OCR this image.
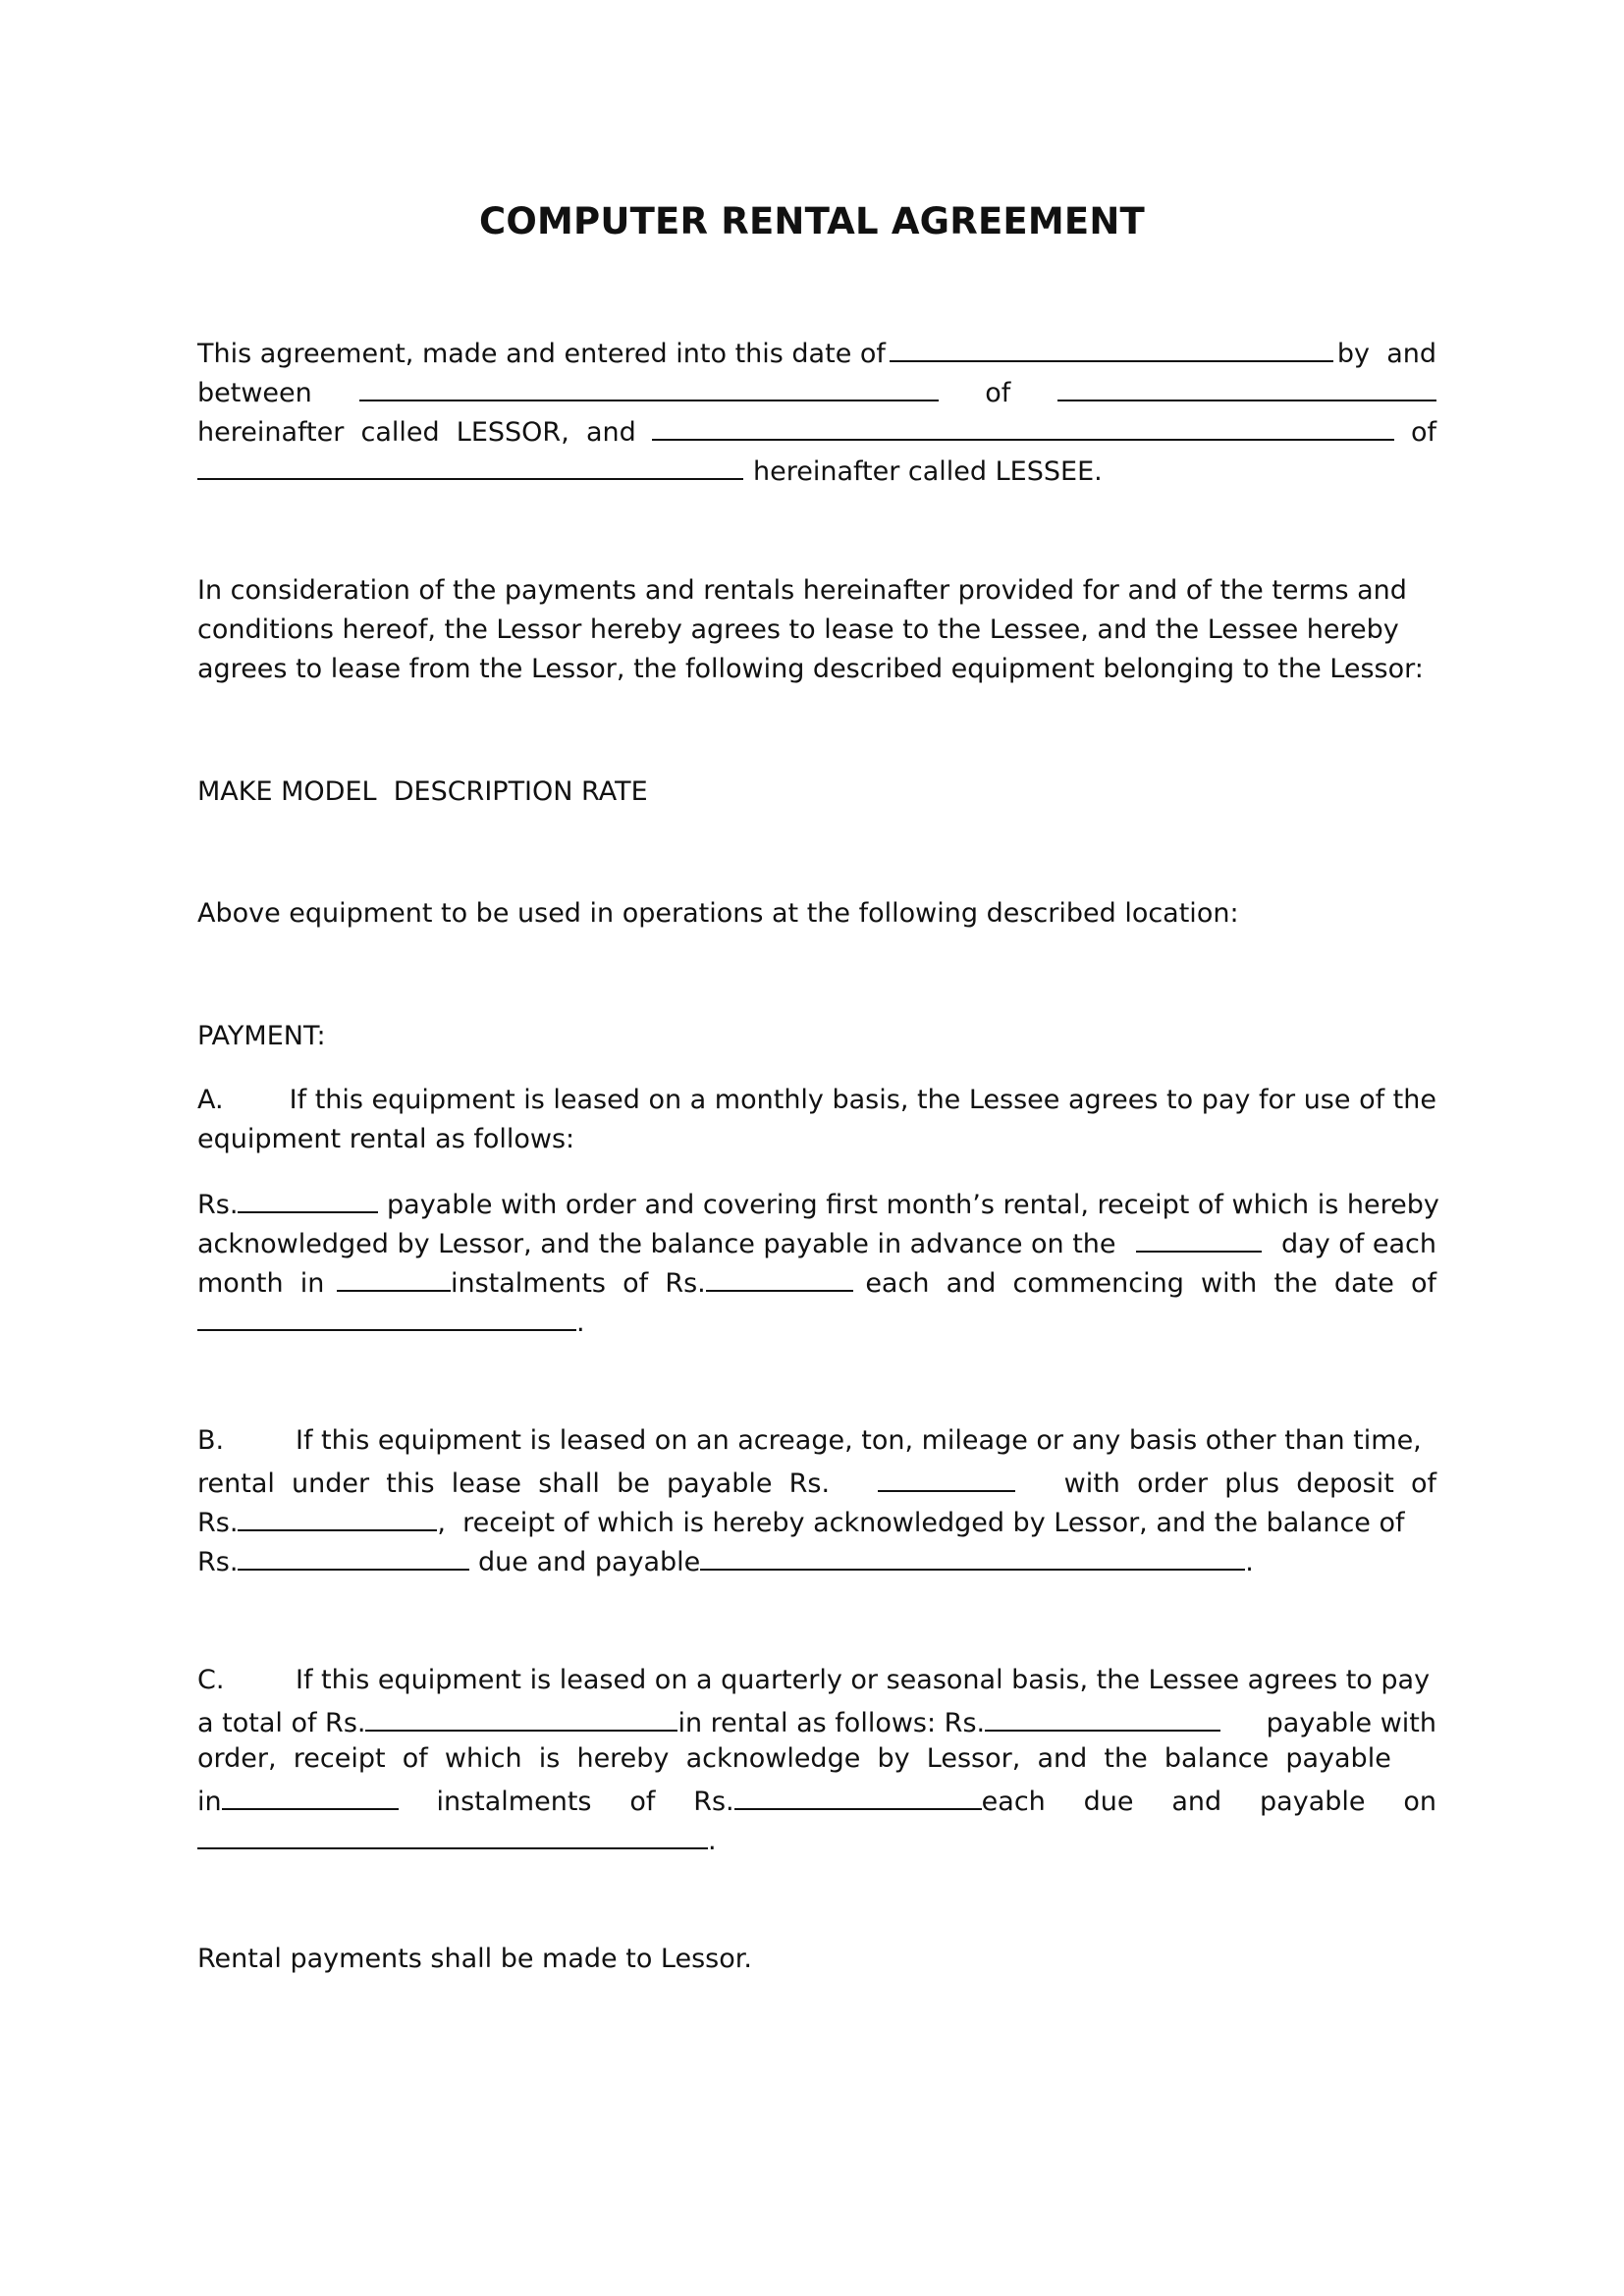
COMPUTER RENTAL AGREEMENT
This agreement, made and entered into this date of	by  and
between	of
hereinafter  called  LESSOR,  and	of
hereinafter called LESSEE.
In consideration of the payments and rentals hereinafter provided for and of the terms and
conditions hereof, the Lessor hereby agrees to lease to the Lessee, and the Lessee hereby
agrees to lease from the Lessor, the following described equipment belonging to the Lessor:
MAKE MODEL  DESCRIPTION RATE
Above equipment to be used in operations at the following described location:
PAYMENT:
A.	If this equipment is leased on a monthly basis, the Lessee agrees to pay for use of the
equipment rental as follows:
Rs.	payable with order and covering first month’s rental, receipt of which is hereby
acknowledged by Lessor, and the balance payable in advance on the	day of each
month  in	instalments  of  Rs.	each  and  commencing  with  the  date  of
.
B.	If this equipment is leased on an acreage, ton, mileage or any basis other than time,
rental  under  this  lease  shall  be  payable  Rs.	with  order  plus  deposit  of
Rs.	,  receipt of which is hereby acknowledged by Lessor, and the balance of
Rs.	due and payable	.
C.	If this equipment is leased on a quarterly or seasonal basis, the Lessee agrees to pay
a total of Rs.	in rental as follows: Rs.	payable with
order,  receipt  of  which  is  hereby  acknowledge  by  Lessor,  and  the  balance  payable
in	instalments of Rs.	each due and payable on
.
Rental payments shall be made to Lessor.
